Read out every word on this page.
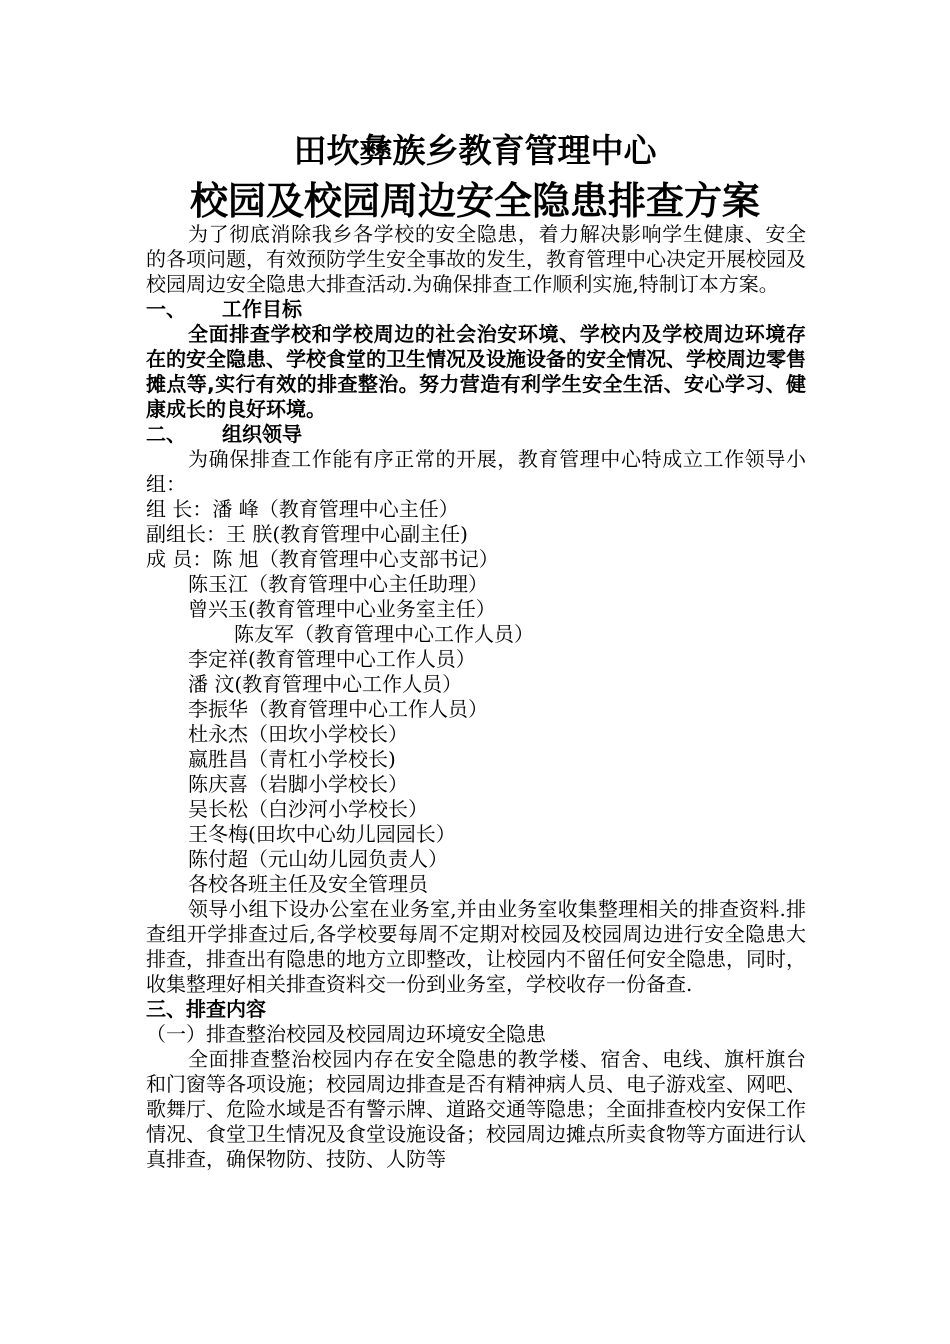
田坎彝族乡教育管理中心
校园及校园周边安全隐患排查方案

为了彻底消除我乡各学校的安全隐患，着力解决影响学生健康、安全的各项问题，有效预防学生安全事故的发生，教育管理中心决定开展校园及校园周边安全隐患大排查活动.为确保排查工作顺利实施,特制订本方案。

一、 工作目标

全面排查学校和学校周边的社会治安环境、学校内及学校周边环境存在的安全隐患、学校食堂的卫生情况及设施设备的安全情况、学校周边零售摊点等,实行有效的排查整治。努力营造有利学生安全生活、安心学习、健康成长的良好环境。

二、 组织领导

为确保排查工作能有序正常的开展，教育管理中心特成立工作领导小组：

组 长：潘 峰（教育管理中心主任）

副组长：王 朕(教育管理中心副主任)

成 员：陈 旭（教育管理中心支部书记）

陈玉江（教育管理中心主任助理）

曾兴玉(教育管理中心业务室主任）

陈友军（教育管理中心工作人员）

李定祥(教育管理中心工作人员）

潘 汶(教育管理中心工作人员）

李振华（教育管理中心工作人员）

杜永杰（田坎小学校长）

嬴胜昌（青杠小学校长)

陈庆喜（岩脚小学校长）

吴长松（白沙河小学校长）

王冬梅(田坎中心幼儿园园长）

陈付超（元山幼儿园负责人）

各校各班主任及安全管理员

领导小组下设办公室在业务室,并由业务室收集整理相关的排查资料.排查组开学排查过后,各学校要每周不定期对校园及校园周边进行安全隐患大排查，排查出有隐患的地方立即整改，让校园内不留任何安全隐患，同时，收集整理好相关排查资料交一份到业务室，学校收存一份备查.

三、排查内容

（一）排查整治校园及校园周边环境安全隐患

全面排查整治校园内存在安全隐患的教学楼、宿舍、电线、旗杆旗台和门窗等各项设施；校园周边排查是否有精神病人员、电子游戏室、网吧、歌舞厅、危险水域是否有警示牌、道路交通等隐患；全面排查校内安保工作情况、食堂卫生情况及食堂设施设备；校园周边摊点所卖食物等方面进行认真排查，确保物防、技防、人防等
